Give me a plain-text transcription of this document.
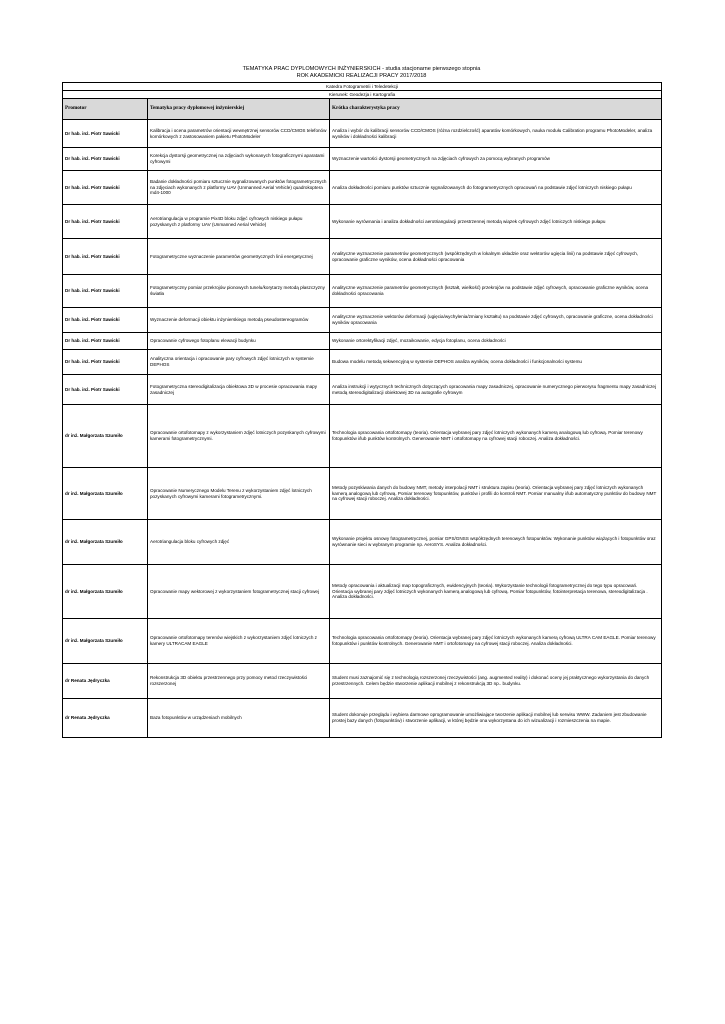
TEMATYKA PRAC DYPLOMOWYCH INŻYNIERSKICH - studia stacjonarne pierwszego stopnia
ROK AKADEMICKI REALIZACJI PRACY 2017/2018
Katedra Fotogrametrii i Teledetekcji		
Kierunek: Geodezja i Kartografia		
Promotor	Tematyka pracy dyplomowej inżynierskiej	Krótka charakterystyka pracy
Dr hab. inż. Piotr Sawicki	Kalibracja i ocena parametrów orientacji wewnętrznej sensorów CCD/CMOS telefonów komórkowych z zastosowaniem pakietu PhotoModeler	Analiza i wybór do kalibracji sensorów CCD/CMOS (różna rozdzielczość) aparatów komórkowych, nauka modułu Calibration programu PhotoModeler, analiza wyników i dokładności kalibracji
Dr hab. inż. Piotr Sawicki	Korekcja dystorsji geometrycznej na zdjęciach wykonanych fotograficznymi aparatami cyfrowymi	Wyznaczenie wartości dystorsji geometrycznych na zdjęciach cyfrowych za pomocą wybranych programów
Dr hab. inż. Piotr Sawicki	Badanie dokładności pomiaru sztucznie sygnalizowanych punktów fotogrametrycznych na zdjęciach wykonanych z platformy UAV (Unmanned Aerial Vehicle) quadrokoptera md4-1000	Analiza dokładności pomiaru punktów sztucznie sygnalizowanych do fotogrametrycznych opracowań na podstawie zdjęć lotniczych niskiego pułapu
Dr hab. inż. Piotr Sawicki	Aerotriangulacja w programie Pix4D bloku zdjęć cyfrowych niskiego pułapu pozyskanych z platformy UAV (Unmanned Aerial Vehicle)	Wykonanie wyrównania i analiza dokładności aerotriangulacji przestrzennej metodą wiązek cyfrowych zdjęć lotniczych niskiego pułapu
Dr hab. inż. Piotr Sawicki	Fotogrametryczne wyznaczenie parametrów geometrycznych linii energetycznej	Analityczne wyznaczenie parametrów geometrycznych (współrzędnych w lokalnym układzie oraz wektorów ugięcia linii) na podstawie zdjęć cyfrowych, opracowanie graficzne wyników, ocena dokładności opracowania
Dr hab. inż. Piotr Sawicki	Fotogrametryczny pomiar przekrojów pionowych tunelu/korytarzy metodą płaszczyzny światła	Analityczne wyznaczenie parametrów geometrycznych (kształt, wielkość) przekrojów na podstawie zdjęć cyfrowych, opracowanie graficzne wyników, ocena dokładności opracowania
Dr hab. inż. Piotr Sawicki	Wyznaczenie deformacji obiektu inżynierskiego metodą pseudostereogramów	Analityczne wyznaczenie wektorów deformacji (ugięcia/wychylenia/zmiany kształtu) na podstawie zdjęć cyfrowych, opracowanie graficzne, ocena dokładności wyników opracowania
Dr hab. inż. Piotr Sawicki	Opracowanie cyfrowego fotoplanu elewacji budynku	Wykonanie ortorektyfikacji zdjęć, mozaikowanie, edycja fotoplanu, ocena dokładności
Dr hab. inż. Piotr Sawicki	Analityczna orientacja i opracowanie pary cyfrowych zdjęć lotniczych w systemie DEPHOS	Budowa modelu metodą sekwencyjną w systemie DEPHOS analiza wyników, ocena dokładności i funkcjonalności systemu
Dr hab. inż. Piotr Sawicki	Fotogrametryczna stereodigitalizacja obiektowa 3D w procesie opracowania mapy zasadniczej	Analiza instrukcji i wytycznych technicznych dotyczących opracowania mapy zasadniczej, opracowanie numerycznego pierworysu fragmentu mapy zasadniczej metodą stereodigitalizacji obiektowej 3D na autografie cyfrowym
dr inż. Małgorzata Szumiło	Opracowanie ortofotomapy z wykorzystaniem zdjęć lotniczych pozyskanych cyfrowymi kamerami fotogrametrycznymi.	Technologia opracowania ortofotomapy (teoria). Orientacja wybranej pary zdjęć lotniczych wykonanych kamerą analogową lub cyfrową. Pomiar terenowy fotopunktów i/lub punktów kontrolnych. Generowanie NMT i ortofotomapy na cyfrowej stacji roboczej. Analiza dokładności.
dr inż. Małgorzata Szumiło	Opracowanie Numerycznego Modelu Terenu z wykorzystaniem zdjęć lotniczych pozyskanych cyfrowymi kamerami fotogrametrycznymi.	Metody pozyskiwania danych do budowy NMT, metody interpolacji NMT i struktura zapisu (teoria). Orientacja wybranej pary zdjęć lotniczych wykonanych kamerą analogową lub cyfrową. Pomiar terenowy fotopunktów, punktów i profili do kontroli NMT. Pomiar manualny i/lub automatyczny punktów do budowy NMT na cyfrowej stacji roboczej. Analiza dokładności.
dr inż. Małgorzata Szumiło	Aerotriangulacja bloku cyfrowych zdjęć	Wykonanie projektu osnowy fotogrametrycznej, pomiar GPS/GNSS współrzędnych terenowych fotopunktów. Wykonanie punktów wiążących i fotopunktów oraz wyrównanie sieci w wybranym programie np. AeroSYS. Analiza dokładności.
dr inż. Małgorzata Szumiło	Opracowanie mapy wektorowej z wykorzystaniem fotogrametrycznej stacji cyfrowej	Metody opracowania i aktualizacji map topograficznych, ewidencyjnych (teoria). Wykorzystanie technologii fotogrametrycznej do tego typu opracowań. Orientacja wybranej pary zdjęć lotniczych wykonanych kamerą analogową lub cyfrową. Pomiar fotopunktów, fotointerpretacja terenowa, stereodigitalizacja . Analiza dokładności.
dr inż. Małgorzata Szumiło	Opracowanie ortofotomapy terenów wiejskich z wykorzystaniem zdjęć lotniczych z kamery ULTRACAM EAGLE	Technologia opracowania ortofotomapy (teoria). Orientacja wybranej pary zdjęć lotniczych wykonanych kamerą cyfrową ULTRA CAM EAGLE. Pomiar terenowy fotopunktów i punktów kontrolnych. Generowanie NMT i ortofotomapy na cyfrowej stacji roboczej. Analiza dokładności.
dr Renata Jędryczka	Rekonstrukcja 3D obiektu przestrzennego przy pomocy metod rzeczywistości rozszerzonej	Student musi zaznajomić się z technologią rozszerzonej rzeczywistości (ang. augmented reality) i dokonać oceny jej praktycznego wykorzystania do danych przestrzennych. Celem będzie stworzenie aplikacji mobilnej z rekonstrukcją 3D np.. budynku.
dr Renata Jędryczka	Baza fotopunktów w urządzeniach mobilnych	Student dokonuje przeglądu i wybiera darmowe oprogramowanie umożliwiające tworzenie aplikacji mobilnej lub serwisu WWW. Zadaniem jest zbudowanie prostej bazy danych (fotopunktów) i stworzenie aplikacji, w której będzie ona wykorzystana do ich wizualizacji i rozmieszczenia na mapie.
